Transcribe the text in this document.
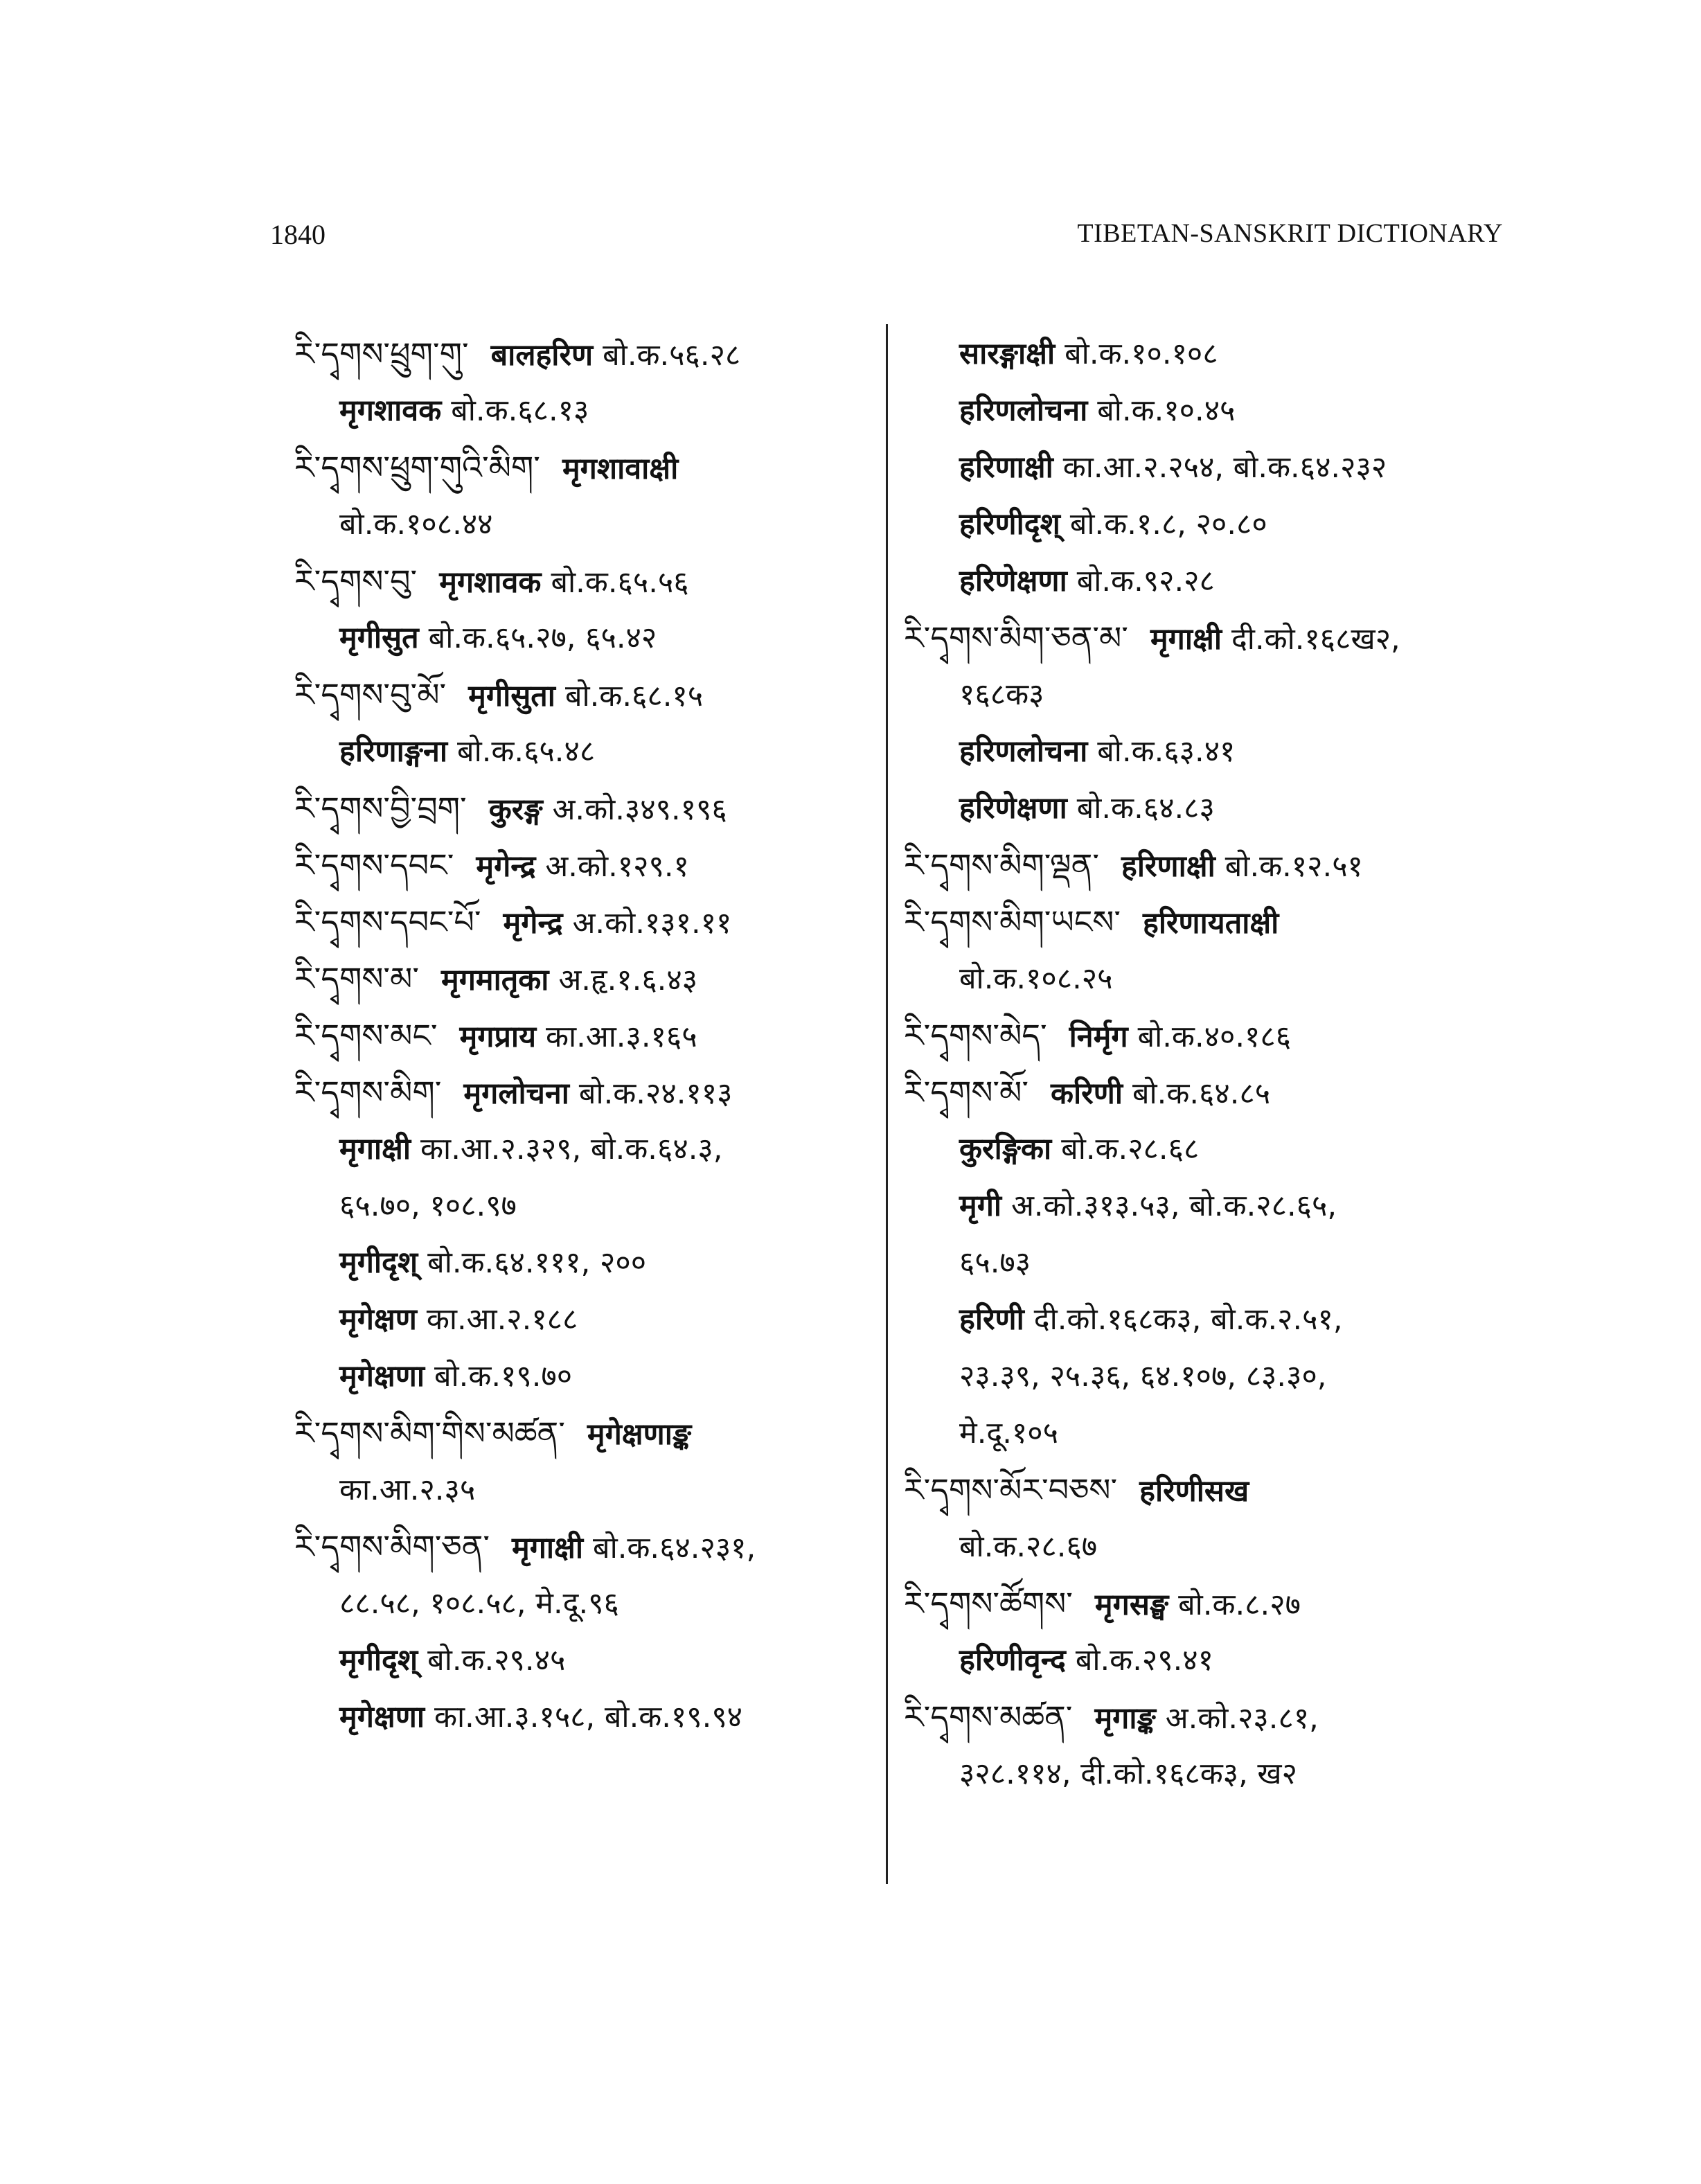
1840	TIBETAN-SANSKRIT DICTIONARY
རི་དྭགས་ཕྲུག་གུ་ बालहरिण बो.क.५६.२८
मृगशावक बो.क.६८.१३
རི་དྭགས་ཕྲུག་གུའི་མིག་ मृगशावाक्षी
बो.क.१०८.४४
རི་དྭགས་བུ་ मृगशावक बो.क.६५.५६
मृगीसुत बो.क.६५.२७, ६५.४२
རི་དྭགས་བུ་མོ་ मृगीसुता बो.क.६८.१५
हरिणाङ्गना बो.क.६५.४८
རི་དྭགས་བྱི་བྲག་ कुरङ्ग अ.को.३४९.१९६
རི་དྭགས་དབང་ मृगेन्द्र अ.को.१२९.१
རི་དྭགས་དབང་པོ་ मृगेन्द्र अ.को.१३१.११
རི་དྭགས་མ་ मृगमातृका अ.हृ.१.६.४३
རི་དྭགས་མང་ मृगप्राय का.आ.३.१६५
རི་དྭགས་མིག་ मृगलोचना बो.क.२४.११३
मृगाक्षी का.आ.२.३२९, बो.क.६४.३,
६५.७०, १०८.९७
मृगीदृश् बो.क.६४.१११, २००
मृगेक्षण का.आ.२.१८८
मृगेक्षणा बो.क.१९.७०
རི་དྭགས་མིག་གིས་མཚན་ मृगेक्षणाङ्क
का.आ.२.३५
རི་དྭགས་མིག་ཅན་ मृगाक्षी बो.क.६४.२३१,
८८.५८, १०८.५८, मे.दू.९६
मृगीदृश् बो.क.२९.४५
मृगेक्षणा का.आ.३.१५८, बो.क.१९.९४
सारङ्गाक्षी बो.क.१०.१०८
हरिणलोचना बो.क.१०.४५
हरिणाक्षी का.आ.२.२५४, बो.क.६४.२३२
हरिणीदृश् बो.क.१.८, २०.८०
हरिणेक्षणा बो.क.९२.२८
རི་དྭགས་མིག་ཅན་མ་ मृगाक्षी दी.को.१६८ख२,
१६८क३
हरिणलोचना बो.क.६३.४१
हरिणेक्षणा बो.क.६४.८३
རི་དྭགས་མིག་ལྡན་ हरिणाक्षी बो.क.१२.५१
རི་དྭགས་མིག་ཡངས་ हरिणायताक्षी
बो.क.१०८.२५
རི་དྭགས་མེད་ निर्मृग बो.क.४०.१८६
རི་དྭགས་མོ་ करिणी बो.क.६४.८५
कुरङ्गिका बो.क.२८.६८
मृगी अ.को.३१३.५३, बो.क.२८.६५,
६५.७३
हरिणी दी.को.१६८क३, बो.क.२.५१,
२३.३९, २५.३६, ६४.१०७, ८३.३०,
मे.दू.१०५
རི་དྭགས་མོར་བཅས་ हरिणीसख
बो.क.२८.६७
རི་དྭགས་ཚོགས་ मृगसङ्घ बो.क.८.२७
हरिणीवृन्द बो.क.२९.४१
རི་དྭགས་མཚན་ मृगाङ्क अ.को.२३.८१,
३२८.११४, दी.को.१६८क३, ख२
